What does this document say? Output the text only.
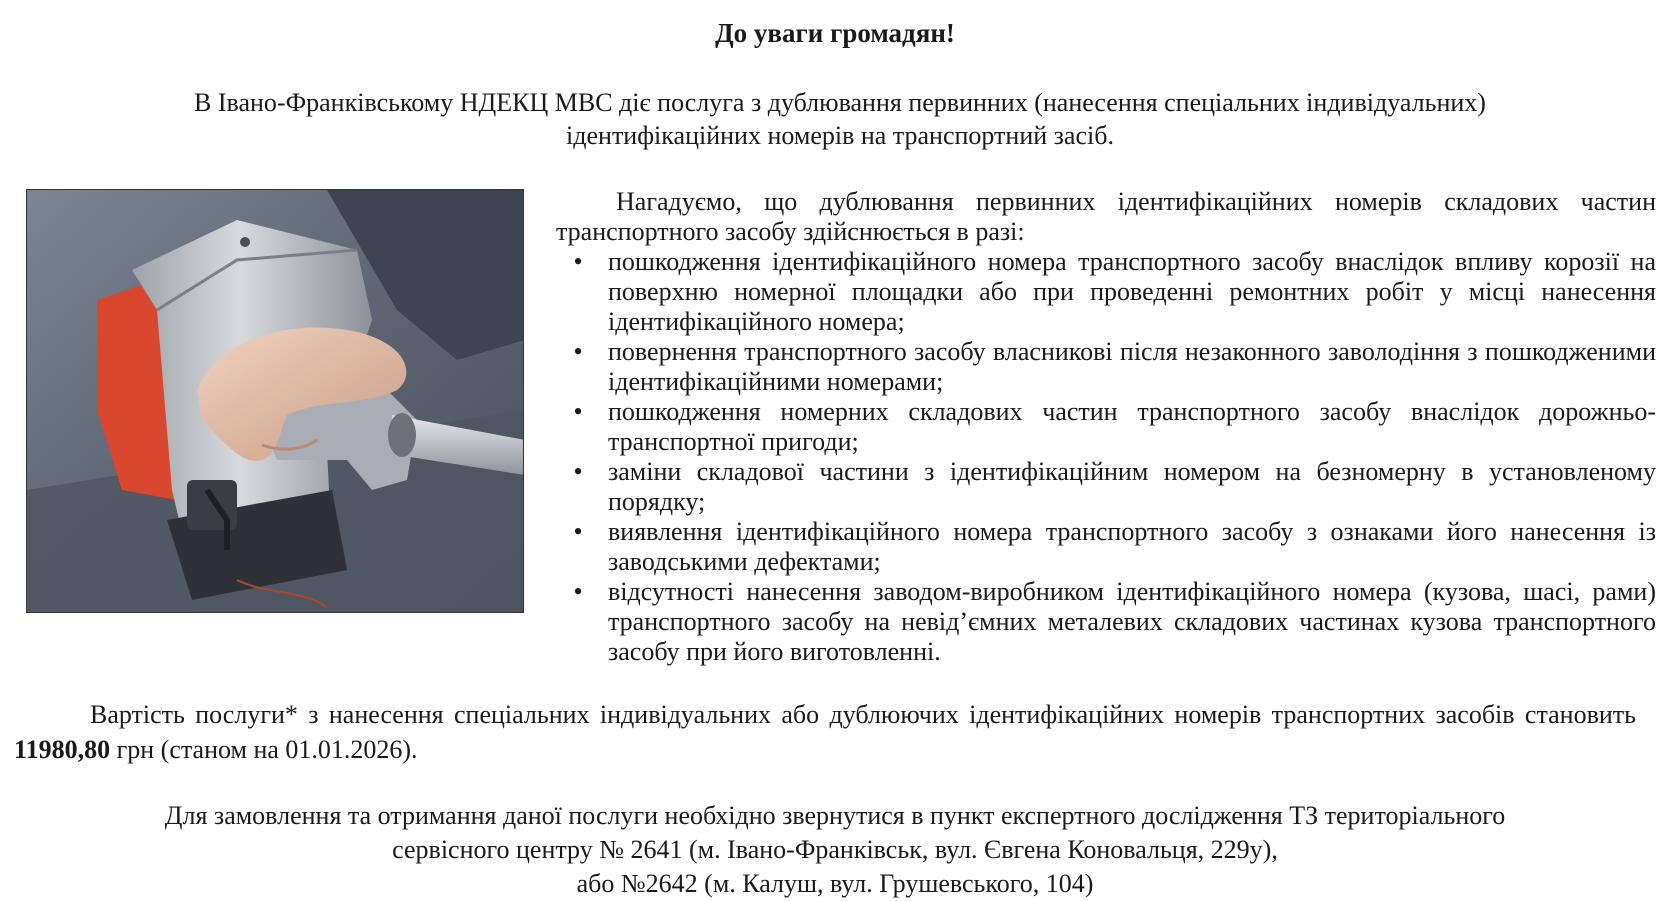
До уваги громадян!
В Івано-Франківському НДЕКЦ МВС діє послуга з дублювання первинних (нанесення спеціальних індивідуальних)
ідентифікаційних номерів на транспортний засіб.

Нагадуємо, що дублювання первинних ідентифікаційних номерів складових частин транспортного засобу здійснюється в разі:

• пошкодження ідентифікаційного номера транспортного засобу внаслідок впливу корозії на поверхню номерної площадки або при проведенні ремонтних робіт у місці нанесення ідентифікаційного номера;
• повернення транспортного засобу власникові після незаконного заволодіння з пошкодженими ідентифікаційними номерами;
• пошкодження номерних складових частин транспортного засобу внаслідок дорожньо-транспортної пригоди;
• заміни складової частини з ідентифікаційним номером на безномерну в установленому порядку;
• виявлення ідентифікаційного номера транспортного засобу з ознаками його нанесення із заводськими дефектами;
• відсутності нанесення заводом-виробником ідентифікаційного номера (кузова, шасі, рами) транспортного засобу на невід’ємних металевих складових частинах кузова транспортного засобу при його виготовленні.
Вартість послуги* з нанесення спеціальних індивідуальних або дублюючих ідентифікаційних номерів транспортних засобів становить 11980,80 грн (станом на 01.01.2026).
Для замовлення та отримання даної послуги необхідно звернутися в пункт експертного дослідження ТЗ територіального
сервісного центру № 2641 (м. Івано-Франківськ, вул. Євгена Коновальця, 229у),
або №2642 (м. Калуш, вул. Грушевського, 104)
